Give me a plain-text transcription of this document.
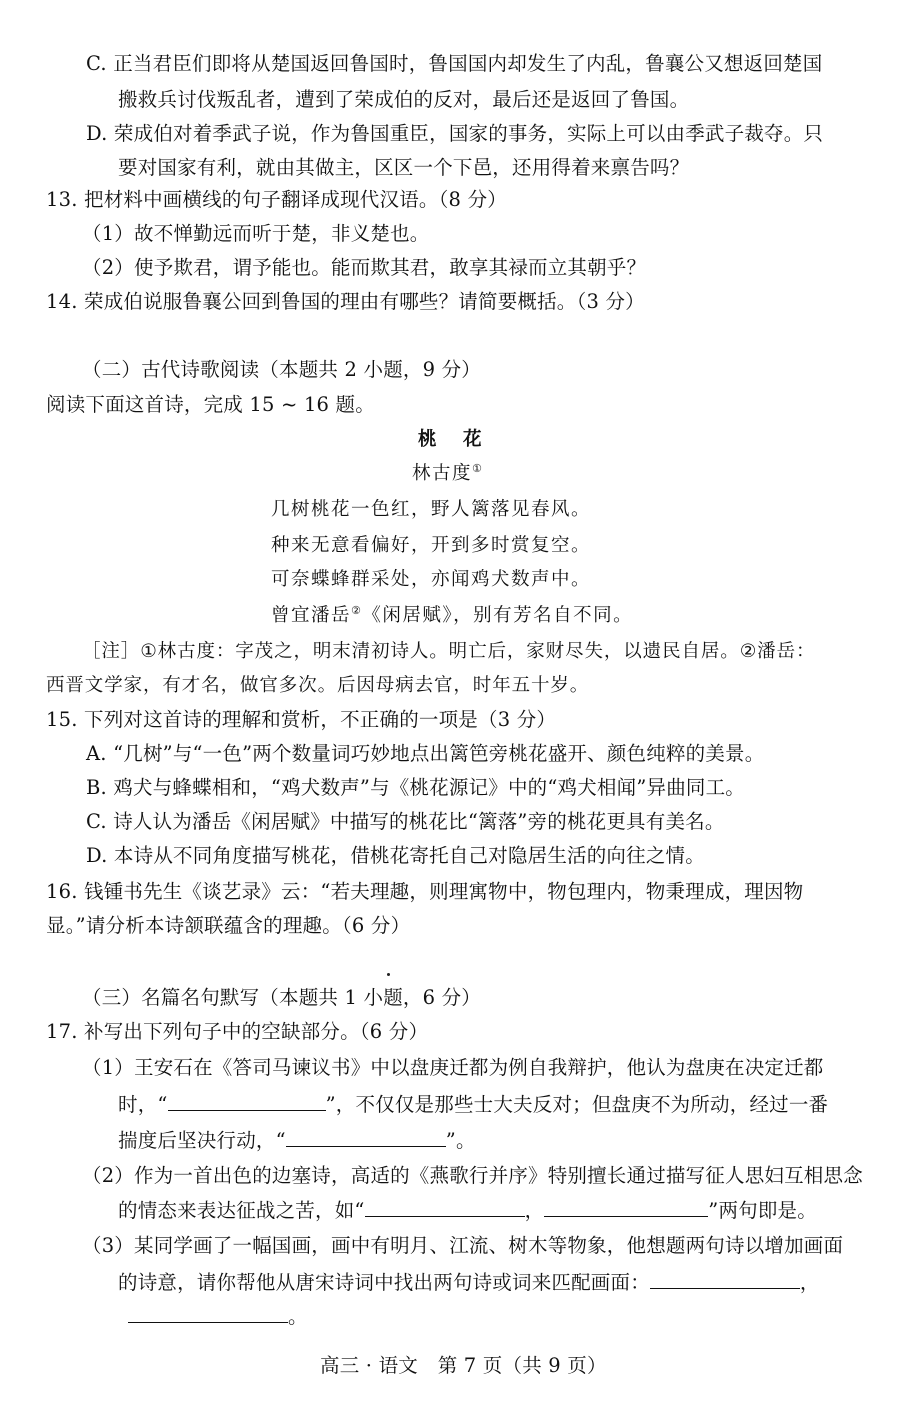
C. 正当君臣们即将从楚国返回鲁国时，鲁国国内却发生了内乱，鲁襄公又想返回楚国
搬救兵讨伐叛乱者，遭到了荣成伯的反对，最后还是返回了鲁国。
D. 荣成伯对着季武子说，作为鲁国重臣，国家的事务，实际上可以由季武子裁夺。只
要对国家有利，就由其做主，区区一个下邑，还用得着来禀告吗？
13. 把材料中画横线的句子翻译成现代汉语。（8 分）
（1）故不惮勤远而听于楚，非义楚也。
（2）使予欺君，谓予能也。能而欺其君，敢享其禄而立其朝乎？
14. 荣成伯说服鲁襄公回到鲁国的理由有哪些？请简要概括。（3 分）
（二）古代诗歌阅读（本题共 2 小题，9 分）
阅读下面这首诗，完成 15 ~ 16 题。
桃　花
林古度①
几树桃花一色红，野人篱落见春风。
种来无意看偏好，开到多时赏复空。
可奈蝶蜂群采处，亦闻鸡犬数声中。
曾宜潘岳②《闲居赋》，别有芳名自不同。
［注］①林古度：字茂之，明末清初诗人。明亡后，家财尽失，以遗民自居。②潘岳：
西晋文学家，有才名，做官多次。后因母病去官，时年五十岁。
15. 下列对这首诗的理解和赏析，不正确的一项是（3 分）
A. “几树”与“一色”两个数量词巧妙地点出篱笆旁桃花盛开、颜色纯粹的美景。
B. 鸡犬与蜂蝶相和，“鸡犬数声”与《桃花源记》中的“鸡犬相闻”异曲同工。
C. 诗人认为潘岳《闲居赋》中描写的桃花比“篱落”旁的桃花更具有美名。
D. 本诗从不同角度描写桃花，借桃花寄托自己对隐居生活的向往之情。
16. 钱锺书先生《谈艺录》云：“若夫理趣，则理寓物中，物包理内，物秉理成，理因物
显。”请分析本诗颔联蕴含的理趣。（6 分）
（三）名篇名句默写（本题共 1 小题，6 分）
17. 补写出下列句子中的空缺部分。（6 分）
（1）王安石在《答司马谏议书》中以盘庚迁都为例自我辩护，他认为盘庚在决定迁都
时，“	”，不仅仅是那些士大夫反对；但盘庚不为所动，经过一番
揣度后坚决行动，“	”。
（2）作为一首出色的边塞诗，高适的《燕歌行并序》特别擅长通过描写征人思妇互相思念
的情态来表达征战之苦，如“	，	”两句即是。
（3）某同学画了一幅国画，画中有明月、江流、树木等物象，他想题两句诗以增加画面
的诗意，请你帮他从唐宋诗词中找出两句诗或词来匹配画面：	，
。
高三 · 语文　第 7 页（共 9 页）
